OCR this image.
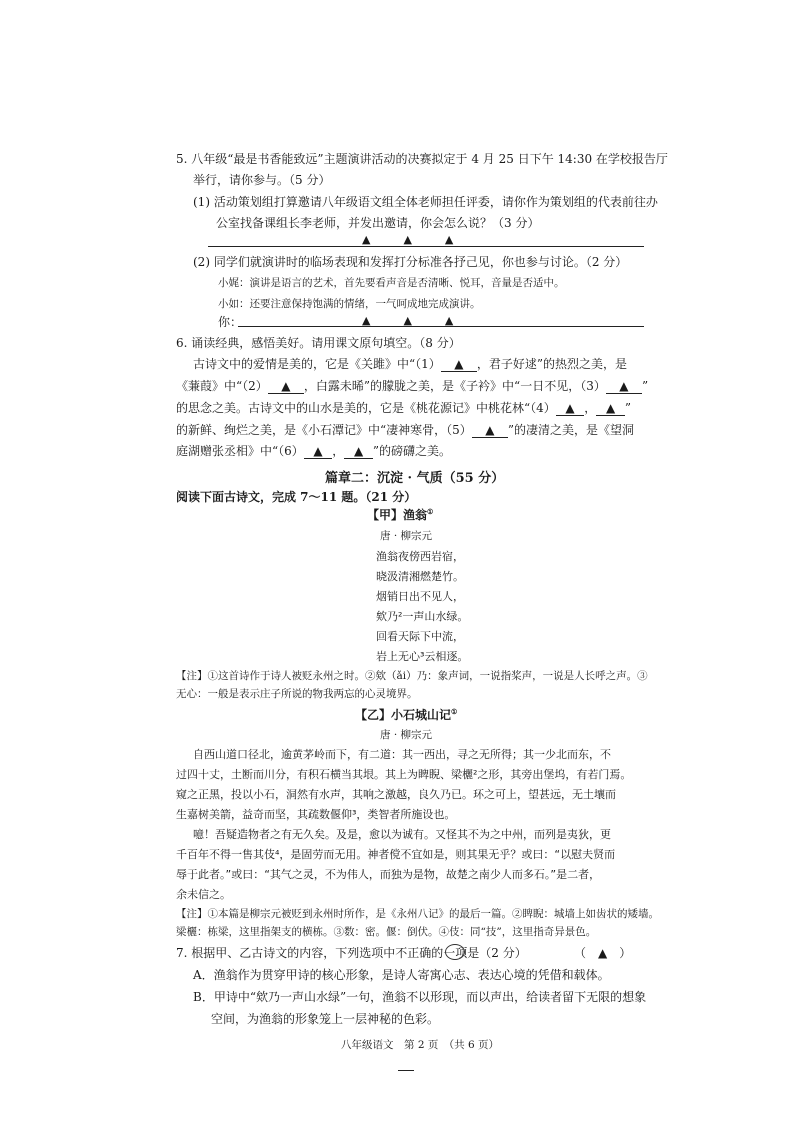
5. 八年级“最是书香能致远”主题演讲活动的决赛拟定于 4 月 25 日下午 14:30 在学校报告厅
举行，请你参与。（5 分）
(1) 活动策划组打算邀请八年级语文组全体老师担任评委，请你作为策划组的代表前往办
公室找备课组长李老师，并发出邀请，你会怎么说？（3 分）
▲　　　▲　　　▲
(2) 同学们就演讲时的临场表现和发挥打分标准各抒己见，你也参与讨论。（2 分）
小娓：演讲是语言的艺术，首先要看声音是否清晰、悦耳，音量是否适中。
小如：还要注意保持饱满的情绪，一气呵成地完成演讲。
你：	▲　　　▲　　　▲
6. 诵读经典，感悟美好。请用课文原句填空。（8 分）
古诗文中的爱情是美的，它是《关雎》中“（1） ▲ ，君子好逑”的热烈之美，是
《蒹葭》中“（2） ▲ ，白露未晞”的朦胧之美，是《子衿》中“一日不见，（3） ▲ ”
的思念之美。古诗文中的山水是美的，它是《桃花源记》中桃花林“（4） ▲ ， ▲ ”
的新鲜、绚烂之美，是《小石潭记》中“凄神寒骨，（5） ▲ ”的凄清之美，是《望洞
庭湖赠张丞相》中“（6） ▲ ， ▲ ”的磅礴之美。
篇章二：沉淀 · 气质（55 分）
阅读下面古诗文，完成 7～11 题。（21 分）
【甲】渔翁①
唐 · 柳宗元
渔翁夜傍西岩宿，
晓汲清湘燃楚竹。
烟销日出不见人，
欸乃²一声山水绿。
回看天际下中流，
岩上无心³云相逐。
【注】①这首诗作于诗人被贬永州之时。②欸（ǎi）乃：象声词，一说指桨声，一说是人长呼之声。③
无心：一般是表示庄子所说的物我两忘的心灵境界。
【乙】小石城山记①
唐 · 柳宗元
自西山道口径北，逾黄茅岭而下，有二道：其一西出，寻之无所得；其一少北而东，不
过四十丈，土断而川分，有积石横当其垠。其上为睥睨、梁欐²之形，其旁出堡坞，有若门焉。
窥之正黑，投以小石，洞然有水声，其响之激越，良久乃已。环之可上，望甚远，无土壤而
生嘉树美箭，益奇而坚，其疏数偃仰³，类智者所施设也。
噫！吾疑造物者之有无久矣。及是，愈以为诚有。又怪其不为之中州，而列是夷狄，更
千百年不得一售其伎⁴，是固劳而无用。神者傥不宜如是，则其果无乎？或曰：“以慰夫贤而
辱于此者。”或曰：“其气之灵，不为伟人，而独为是物，故楚之南少人而多石。”是二者，
余未信之。
【注】①本篇是柳宗元被贬到永州时所作，是《永州八记》的最后一篇。②睥睨：城墙上如齿状的矮墙。
梁欐：栋梁，这里指架支的横栋。③数：密。偃：倒伏。④伎：同“技”，这里指奇异景色。
7. 根据甲、乙古诗文的内容，下列选项中不正确的一项是（2 分）	（　▲　）
A．渔翁作为贯穿甲诗的核心形象，是诗人寄寓心志、表达心境的凭借和载体。
B．甲诗中“欸乃一声山水绿”一句，渔翁不以形现，而以声出，给读者留下无限的想象
空间，为渔翁的形象笼上一层神秘的色彩。
八年级语文　第 2 页　（共 6 页）
